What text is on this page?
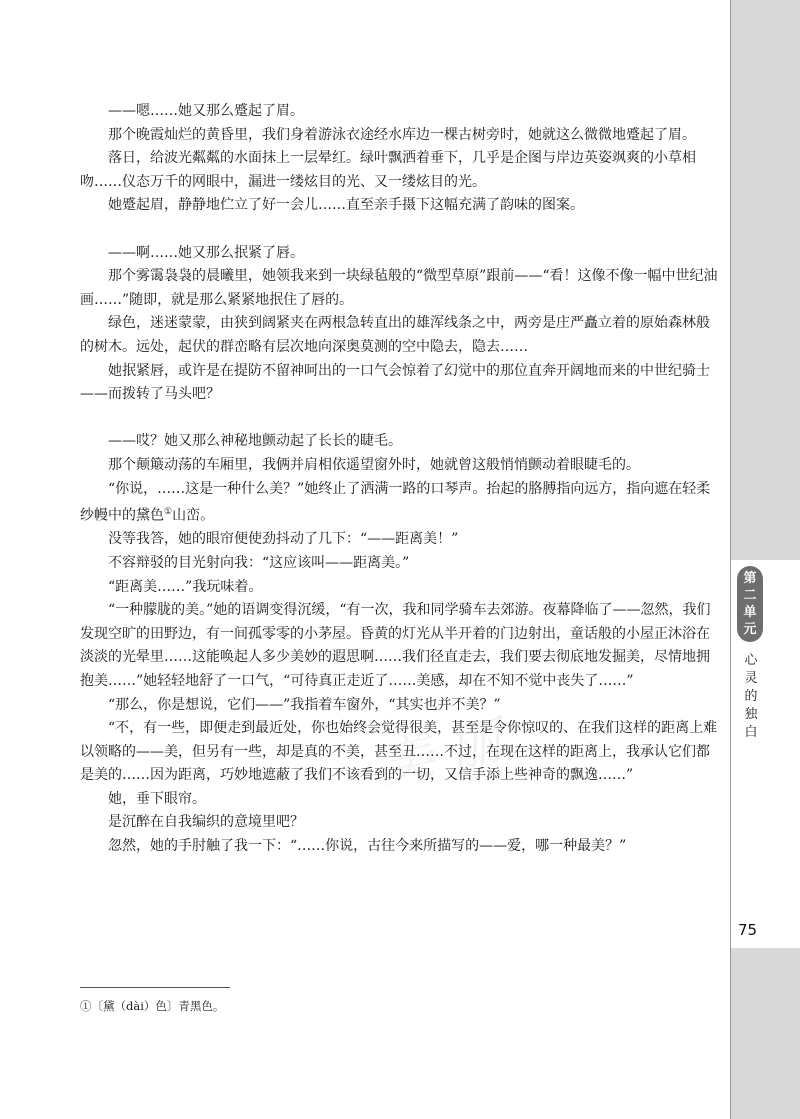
第
二
单
元
心
灵
的
独
白
75
美 丽

——嗯……她又那么蹙起了眉。

那个晚霞灿烂的黄昏里，我们身着游泳衣途经水库边一棵古树旁时，她就这么微微地蹙起了眉。

落日，给波光粼粼的水面抹上一层晕红。绿叶飘洒着垂下，几乎是企图与岸边英姿飒爽的小草相吻……仪态万千的网眼中，漏进一缕炫目的光、又一缕炫目的光。

她蹙起眉，静静地伫立了好一会儿……直至亲手摄下这幅充满了韵味的图案。

——啊……她又那么抿紧了唇。

那个雾霭袅袅的晨曦里，她领我来到一块绿毡般的“微型草原”跟前——“看！这像不像一幅中世纪油画……”随即，就是那么紧紧地抿住了唇的。

绿色，迷迷蒙蒙，由狭到阔紧夹在两根急转直出的雄浑线条之中，两旁是庄严矗立着的原始森林般的树木。远处，起伏的群峦略有层次地向深奥莫测的空中隐去，隐去……

她抿紧唇，或许是在提防不留神呵出的一口气会惊着了幻觉中的那位直奔开阔地而来的中世纪骑士——而拨转了马头吧？

——哎？她又那么神秘地颤动起了长长的睫毛。

那个颠簸动荡的车厢里，我俩并肩相依遥望窗外时，她就曾这般悄悄颤动着眼睫毛的。

“你说，……这是一种什么美？”她终止了洒满一路的口琴声。抬起的胳膊指向远方，指向遮在轻柔纱幔中的黛色①山峦。

没等我答，她的眼帘便使劲抖动了几下：“——距离美！”

不容辩驳的目光射向我：“这应该叫——距离美。”

“距离美……”我玩味着。

“一种朦胧的美。”她的语调变得沉缓，“有一次，我和同学骑车去郊游。夜幕降临了——忽然，我们发现空旷的田野边，有一间孤零零的小茅屋。昏黄的灯光从半开着的门边射出，童话般的小屋正沐浴在淡淡的光晕里……这能唤起人多少美妙的遐思啊……我们径直走去，我们要去彻底地发掘美，尽情地拥抱美……”她轻轻地舒了一口气，“可待真正走近了……美感，却在不知不觉中丧失了……”

“那么，你是想说，它们——”我指着车窗外，“其实也并不美？”

“不，有一些，即便走到最近处，你也始终会觉得很美，甚至是令你惊叹的、在我们这样的距离上难以领略的——美，但另有一些，却是真的不美，甚至丑……不过，在现在这样的距离上，我承认它们都是美的……因为距离，巧妙地遮蔽了我们不该看到的一切，又信手添上些神奇的飘逸……”

她，垂下眼帘。

是沉醉在自我编织的意境里吧？

忽然，她的手肘触了我一下：“……你说，古往今来所描写的——爱，哪一种最美？”

①〔黛（dài）色〕青黑色。
